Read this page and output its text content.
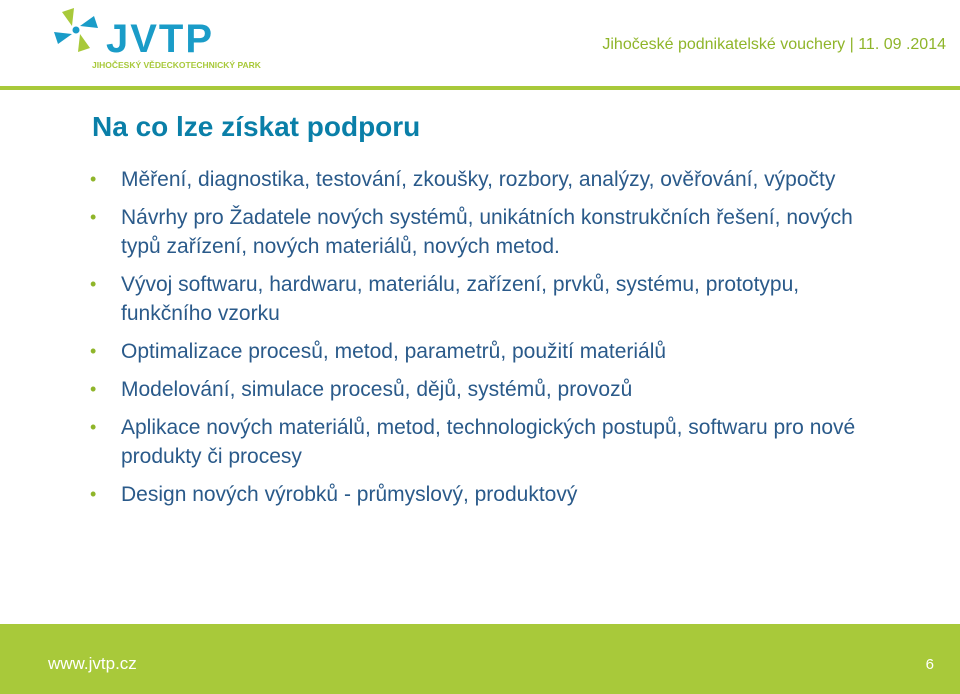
JVTP
JIHOČESKÝ VĚDECKOTECHNICKÝ PARK
Jihočeské podnikatelské vouchery | 11. 09 .2014
Na co lze získat podporu
• Měření, diagnostika, testování, zkoušky, rozbory, analýzy, ověřování, výpočty
• Návrhy pro Žadatele nových systémů, unikátních konstrukčních řešení, nových typů zařízení, nových materiálů, nových metod.
• Vývoj softwaru, hardwaru, materiálu, zařízení, prvků, systému, prototypu, funkčního vzorku
• Optimalizace procesů, metod, parametrů, použití materiálů
• Modelování, simulace procesů, dějů, systémů, provozů
• Aplikace nových materiálů, metod, technologických postupů, softwaru pro nové produkty či procesy
• Design nových výrobků - průmyslový, produktový
www.jvtp.cz	6
